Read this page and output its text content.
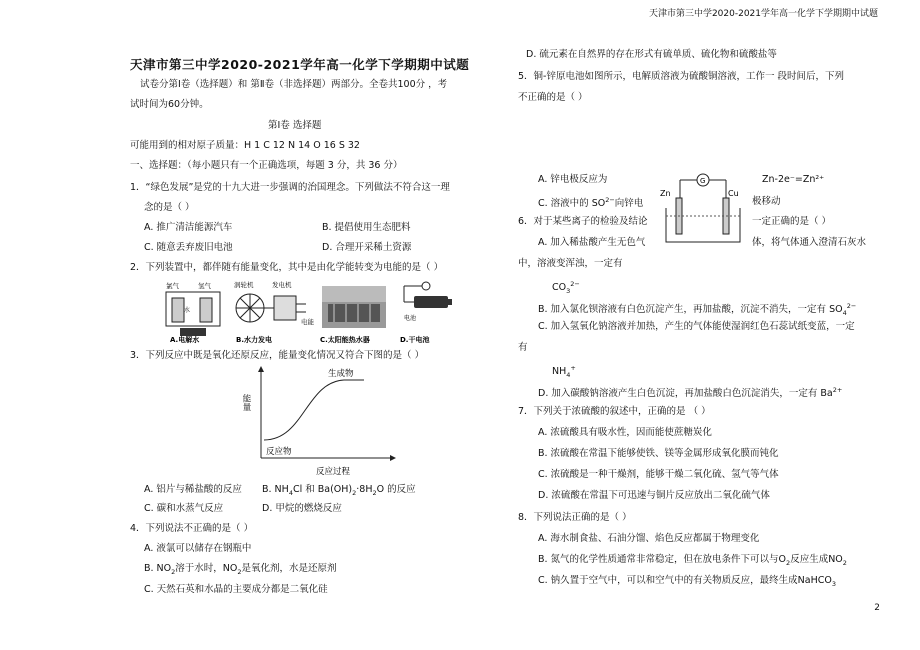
天津市第三中学2020-2021学年高一化学下学期期中试题
天津市第三中学2020-2021学年高一化学下学期期中试题
试卷分第Ⅰ卷（选择题）和 第Ⅱ卷（非选择题）两部分。全卷共100分 ，考
试时间为60分钟。
第Ⅰ卷 选择题
可能用到的相对原子质量：H 1 C 12 N 14 O 16 S 32
一、选择题：（每小题只有一个正确选项，每题 3 分，共 36 分）
1．“绿色发展”是党的十九大进一步强调的治国理念。下列做法不符合这一理
念的是（ ）
A. 推广清洁能源汽车	B. 提倡使用生态肥料
C. 随意丢弃废旧电池	D. 合理开采稀土资源
2．下列装置中，都伴随有能量变化，其中是由化学能转变为电能的是（ ）
氯气	氢气
水
涡轮机	发电机
电能	电池
A.电解水	B.水力发电	C.太阳能热水器	D.干电池
3．下列反应中既是氧化还原反应，能量变化情况又符合下图的是（ ）
能量
生成物
反应物
反应过程
A. 铝片与稀盐酸的反应 B. $NH_4Cl$ 和 $Ba(OH)_2\cdot 8H_2O$ 的反应
C. 碳和水蒸气反应	D. 甲烷的燃烧反应
4．下列说法不正确的是（ ）
A. 液氯可以储存在钢瓶中
B. $NO_2$溶于水时，$NO_2$是氧化剂，水是还原剂
C. 天然石英和水晶的主要成分都是二氧化硅
D. 硫元素在自然界的存在形式有硫单质、硫化物和硫酸盐等
5．铜-锌原电池如图所示，电解质溶液为硫酸铜溶液，工作一 段时间后，下列
不正确的是（ ）
G
Zn	Cu
Zn-2e⁻=Zn²⁺
A. 锌电极反应为
C. 溶液中的 $SO^{2-}$向锌电	极移动
6．对于某些离子的检验及结论	一定正确的是（ ）
A. 加入稀盐酸产生无色气	体，将气体通入澄清石灰水
中，溶液变浑浊，一定有
$CO_3^{2-}$
B. 加入氯化钡溶液有白色沉淀产生，再加盐酸，沉淀不消失，一定有 $SO_4^{2-}$
C. 加入氢氧化钠溶液并加热，产生的气体能使湿润红色石蕊试纸变蓝，一定
有
$NH_4^+$
D. 加入碳酸钠溶液产生白色沉淀，再加盐酸白色沉淀消失，一定有 $Ba^{2+}$
7．下列关于浓硫酸的叙述中，正确的是 （ ）
A. 浓硫酸具有吸水性，因而能使蔗糖炭化
B. 浓硫酸在常温下能够使铁、镁等金属形成氧化膜而钝化
C. 浓硫酸是一种干燥剂，能够干燥二氧化硫、氢气等气体
D. 浓硫酸在常温下可迅速与铜片反应放出二氧化硫气体
8．下列说法正确的是（ ）
A. 海水制食盐、石油分馏、焰色反应都属于物理变化
B. 氮气的化学性质通常非常稳定，但在放电条件下可以与$O_2$反应生成$NO_2$
C. 钠久置于空气中，可以和空气中的有关物质反应，最终生成NaHCO$_3$
2
